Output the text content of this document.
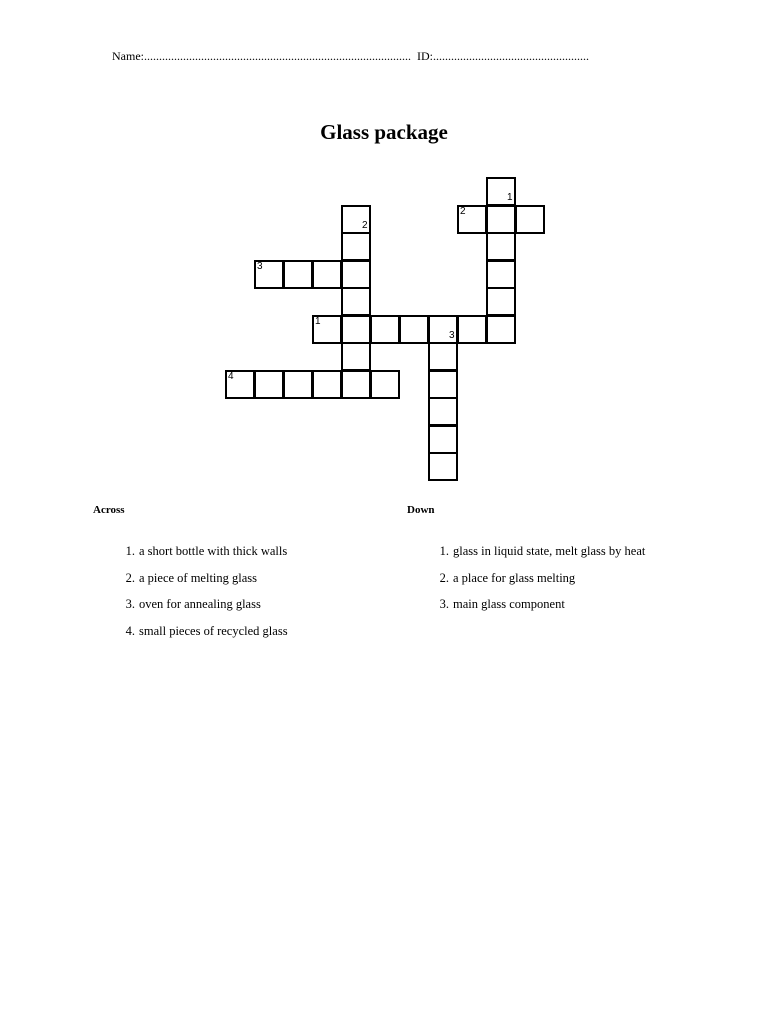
Name:......................................................................................... ID:....................................................
Glass package
1
2
3
4
1
2
3
Across	Down
1. a short bottle with thick walls
2. a piece of melting glass
3. oven for annealing glass
4. small pieces of recycled glass
1. glass in liquid state, melt glass by heat
2. a place for glass melting
3. main glass component
